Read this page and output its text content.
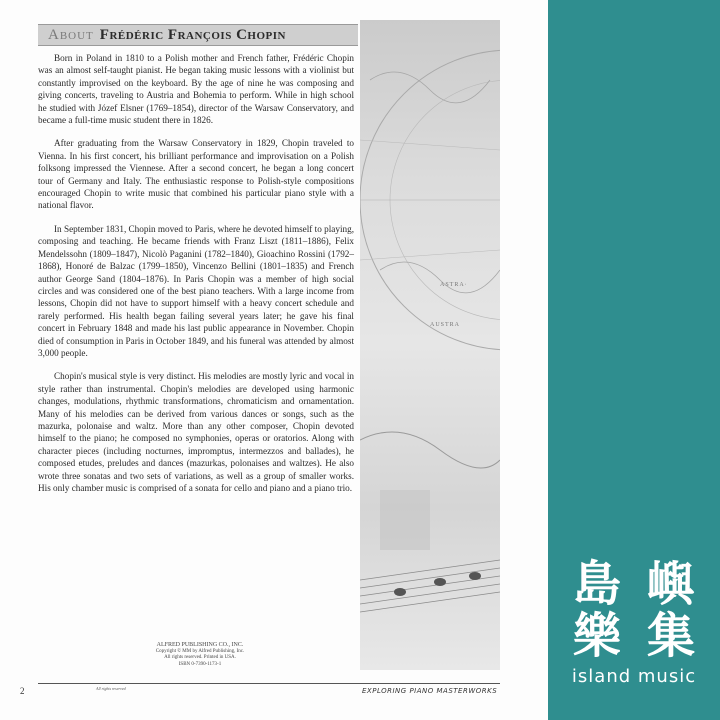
About Frédéric François Chopin
ASTRA·
AUSTRA

Born in Poland in 1810 to a Polish mother and French father, Frédéric Chopin was an almost self-taught pianist. He began taking music lessons with a violinist but constantly improvised on the keyboard. By the age of nine he was composing and giving concerts, traveling to Austria and Bohemia to perform. While in high school he studied with Józef Elsner (1769–1854), director of the Warsaw Conservatory, and became a full-time music student there in 1826.

After graduating from the Warsaw Conservatory in 1829, Chopin traveled to Vienna. In his first concert, his brilliant performance and improvisation on a Polish folksong impressed the Viennese. After a second concert, he began a long concert tour of Germany and Italy. The enthusiastic response to Polish-style compositions encouraged Chopin to write music that combined his particular piano style with a national flavor.

In September 1831, Chopin moved to Paris, where he devoted himself to playing, composing and teaching. He became friends with Franz Liszt (1811–1886), Felix Mendelssohn (1809–1847), Nicolò Paganini (1782–1840), Gioachino Rossini (1792–1868), Honoré de Balzac (1799–1850), Vincenzo Bellini (1801–1835) and French author George Sand (1804–1876). In Paris Chopin was a member of high social circles and was considered one of the best piano teachers. With a large income from lessons, Chopin did not have to support himself with a heavy concert schedule and rarely performed. His health began failing several years later; he gave his final concert in February 1848 and made his last public appearance in November. Chopin died of consumption in Paris in October 1849, and his funeral was attended by almost 3,000 people.

Chopin's musical style is very distinct. His melodies are mostly lyric and vocal in style rather than instrumental. Chopin's melodies are developed using harmonic changes, modulations, rhythmic transformations, chromaticism and ornamentation. Many of his melodies can be derived from various dances or songs, such as the mazurka, polonaise and waltz. More than any other composer, Chopin devoted himself to the piano; he composed no symphonies, operas or oratorios. Along with character pieces (including nocturnes, impromptus, intermezzos and ballades), he composed etudes, preludes and dances (mazurkas, polonaises and waltzes). He also wrote three sonatas and two sets of variations, as well as a group of smaller works. His only chamber music is comprised of a sonata for cello and piano and a piano trio.

ALFRED PUBLISHING CO., INC.
Copyright © MM by Alfred Publishing, Inc.
All rights reserved. Printed in USA.
ISBN 0-7390-1173-1
2	All rights reserved	EXPLORING PIANO MASTERWORKS
島 嶼
樂 集
island music
